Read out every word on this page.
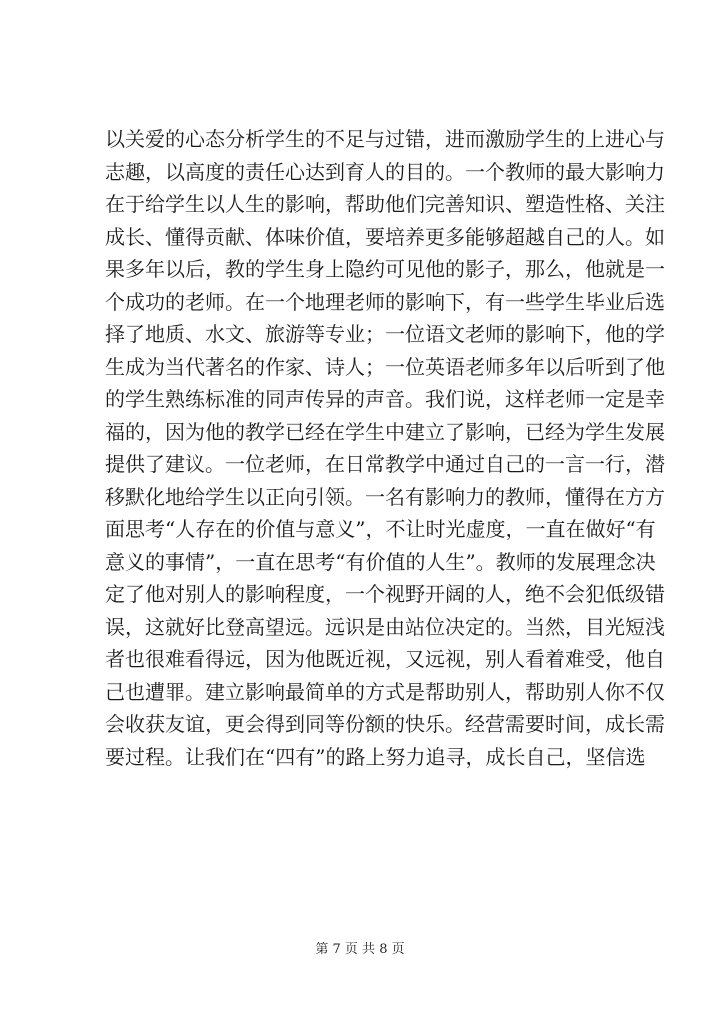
以关爱的心态分析学生的不足与过错，进而激励学生的上进心与
志趣，以高度的责任心达到育人的目的。一个教师的最大影响力
在于给学生以人生的影响，帮助他们完善知识、塑造性格、关注
成长、懂得贡献、体味价值，要培养更多能够超越自己的人。如
果多年以后，教的学生身上隐约可见他的影子，那么，他就是一
个成功的老师。在一个地理老师的影响下，有一些学生毕业后选
择了地质、水文、旅游等专业；一位语文老师的影响下，他的学
生成为当代著名的作家、诗人；一位英语老师多年以后听到了他
的学生熟练标准的同声传异的声音。我们说，这样老师一定是幸
福的，因为他的教学已经在学生中建立了影响，已经为学生发展
提供了建议。一位老师，在日常教学中通过自己的一言一行，潜
移默化地给学生以正向引领。一名有影响力的教师，懂得在方方
面思考“人存在的价值与意义”，不让时光虚度，一直在做好“有
意义的事情”，一直在思考“有价值的人生”。教师的发展理念决
定了他对别人的影响程度，一个视野开阔的人，绝不会犯低级错
误，这就好比登高望远。远识是由站位决定的。当然，目光短浅
者也很难看得远，因为他既近视，又远视，别人看着难受，他自
己也遭罪。建立影响最简单的方式是帮助别人，帮助别人你不仅
会收获友谊，更会得到同等份额的快乐。经营需要时间，成长需
要过程。让我们在“四有”的路上努力追寻，成长自己，坚信选
第 7 页 共 8 页
